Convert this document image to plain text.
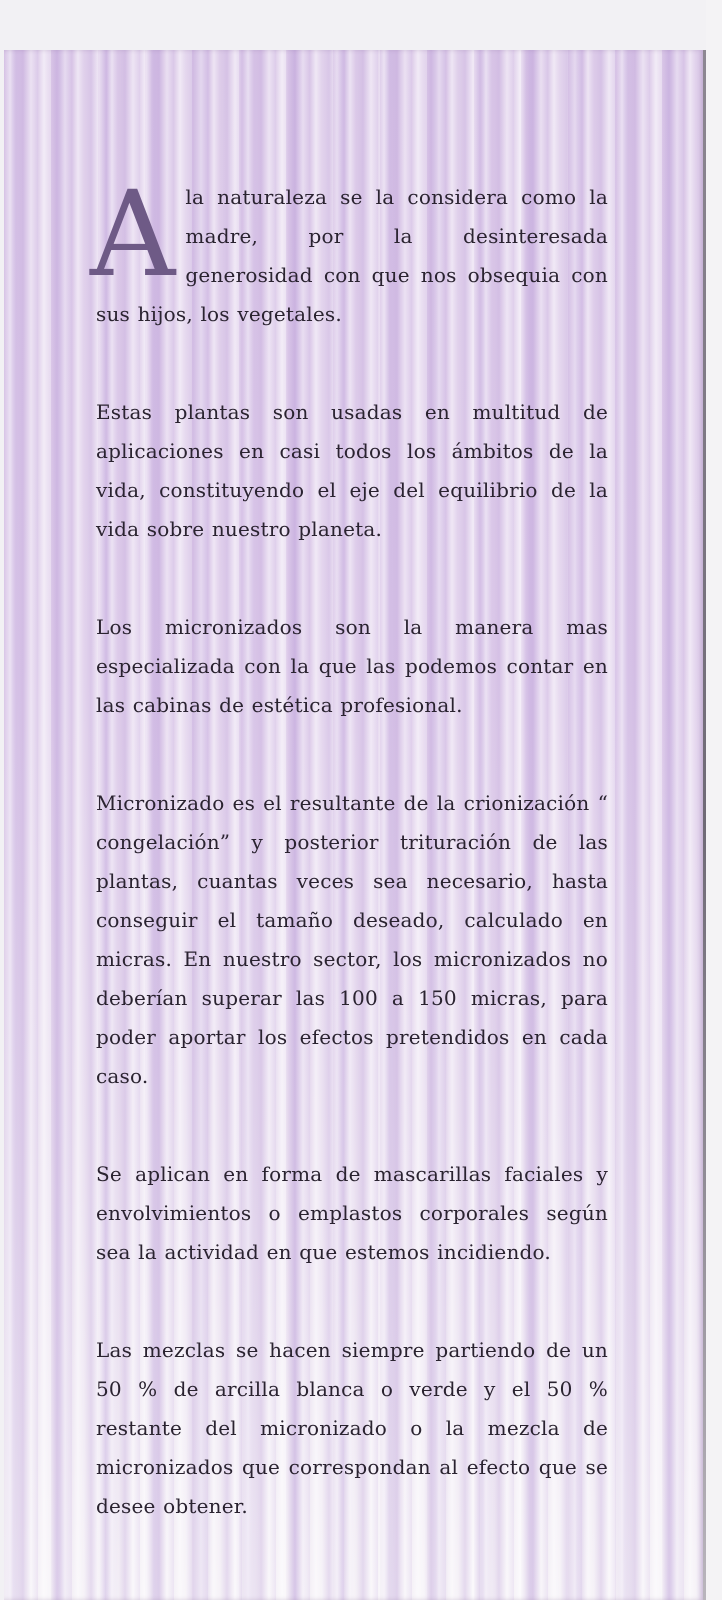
A la naturaleza se la considera como la madre, por la desinteresada generosidad con que nos obsequia con sus hijos, los vegetales.

Estas plantas son usadas en multitud de aplicaciones en casi todos los ámbitos de la vida, constituyendo el eje del equilibrio de la vida sobre nuestro planeta.

Los micronizados son la manera mas especializada con la que las podemos contar en las cabinas de estética profesional.

Micronizado es el resultante de la crionización “ congelación” y posterior trituración de las plantas, cuantas veces sea necesario, hasta conseguir el tamaño deseado, calculado en micras. En nuestro sector, los micronizados no deberían superar las 100 a 150 micras, para poder aportar los efectos pretendidos en cada caso.

Se aplican en forma de mascarillas faciales y envolvimientos o emplastos corporales según sea la actividad en que estemos incidiendo.

Las mezclas se hacen siempre partiendo de un 50 % de arcilla blanca o verde y el 50 % restante del micronizado o la mezcla de micronizados que correspondan al efecto que se desee obtener.
